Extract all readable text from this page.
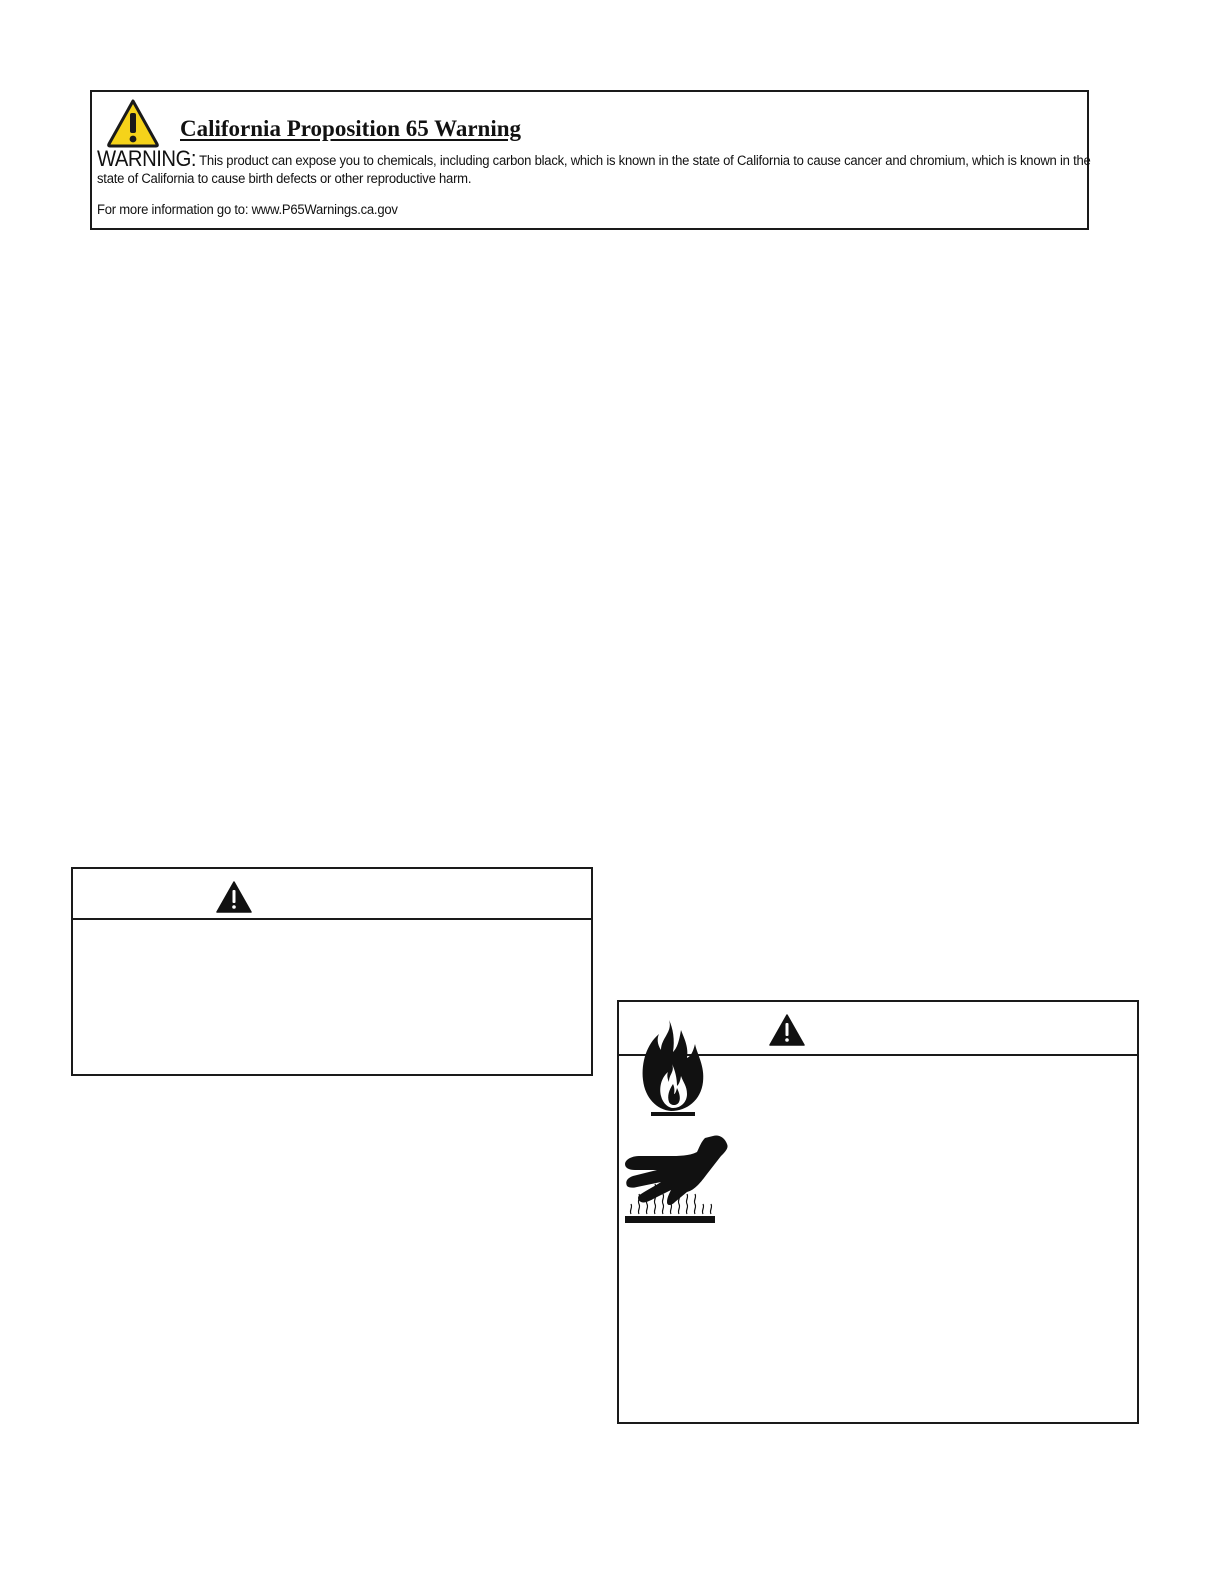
California Proposition 65 Warning

WARNING: This product can expose you to chemicals, including carbon black, which is known in the state of California to cause cancer and chromium, which is known in the state of California to cause birth defects or other reproductive harm.

For more information go to: www.P65Warnings.ca.gov
